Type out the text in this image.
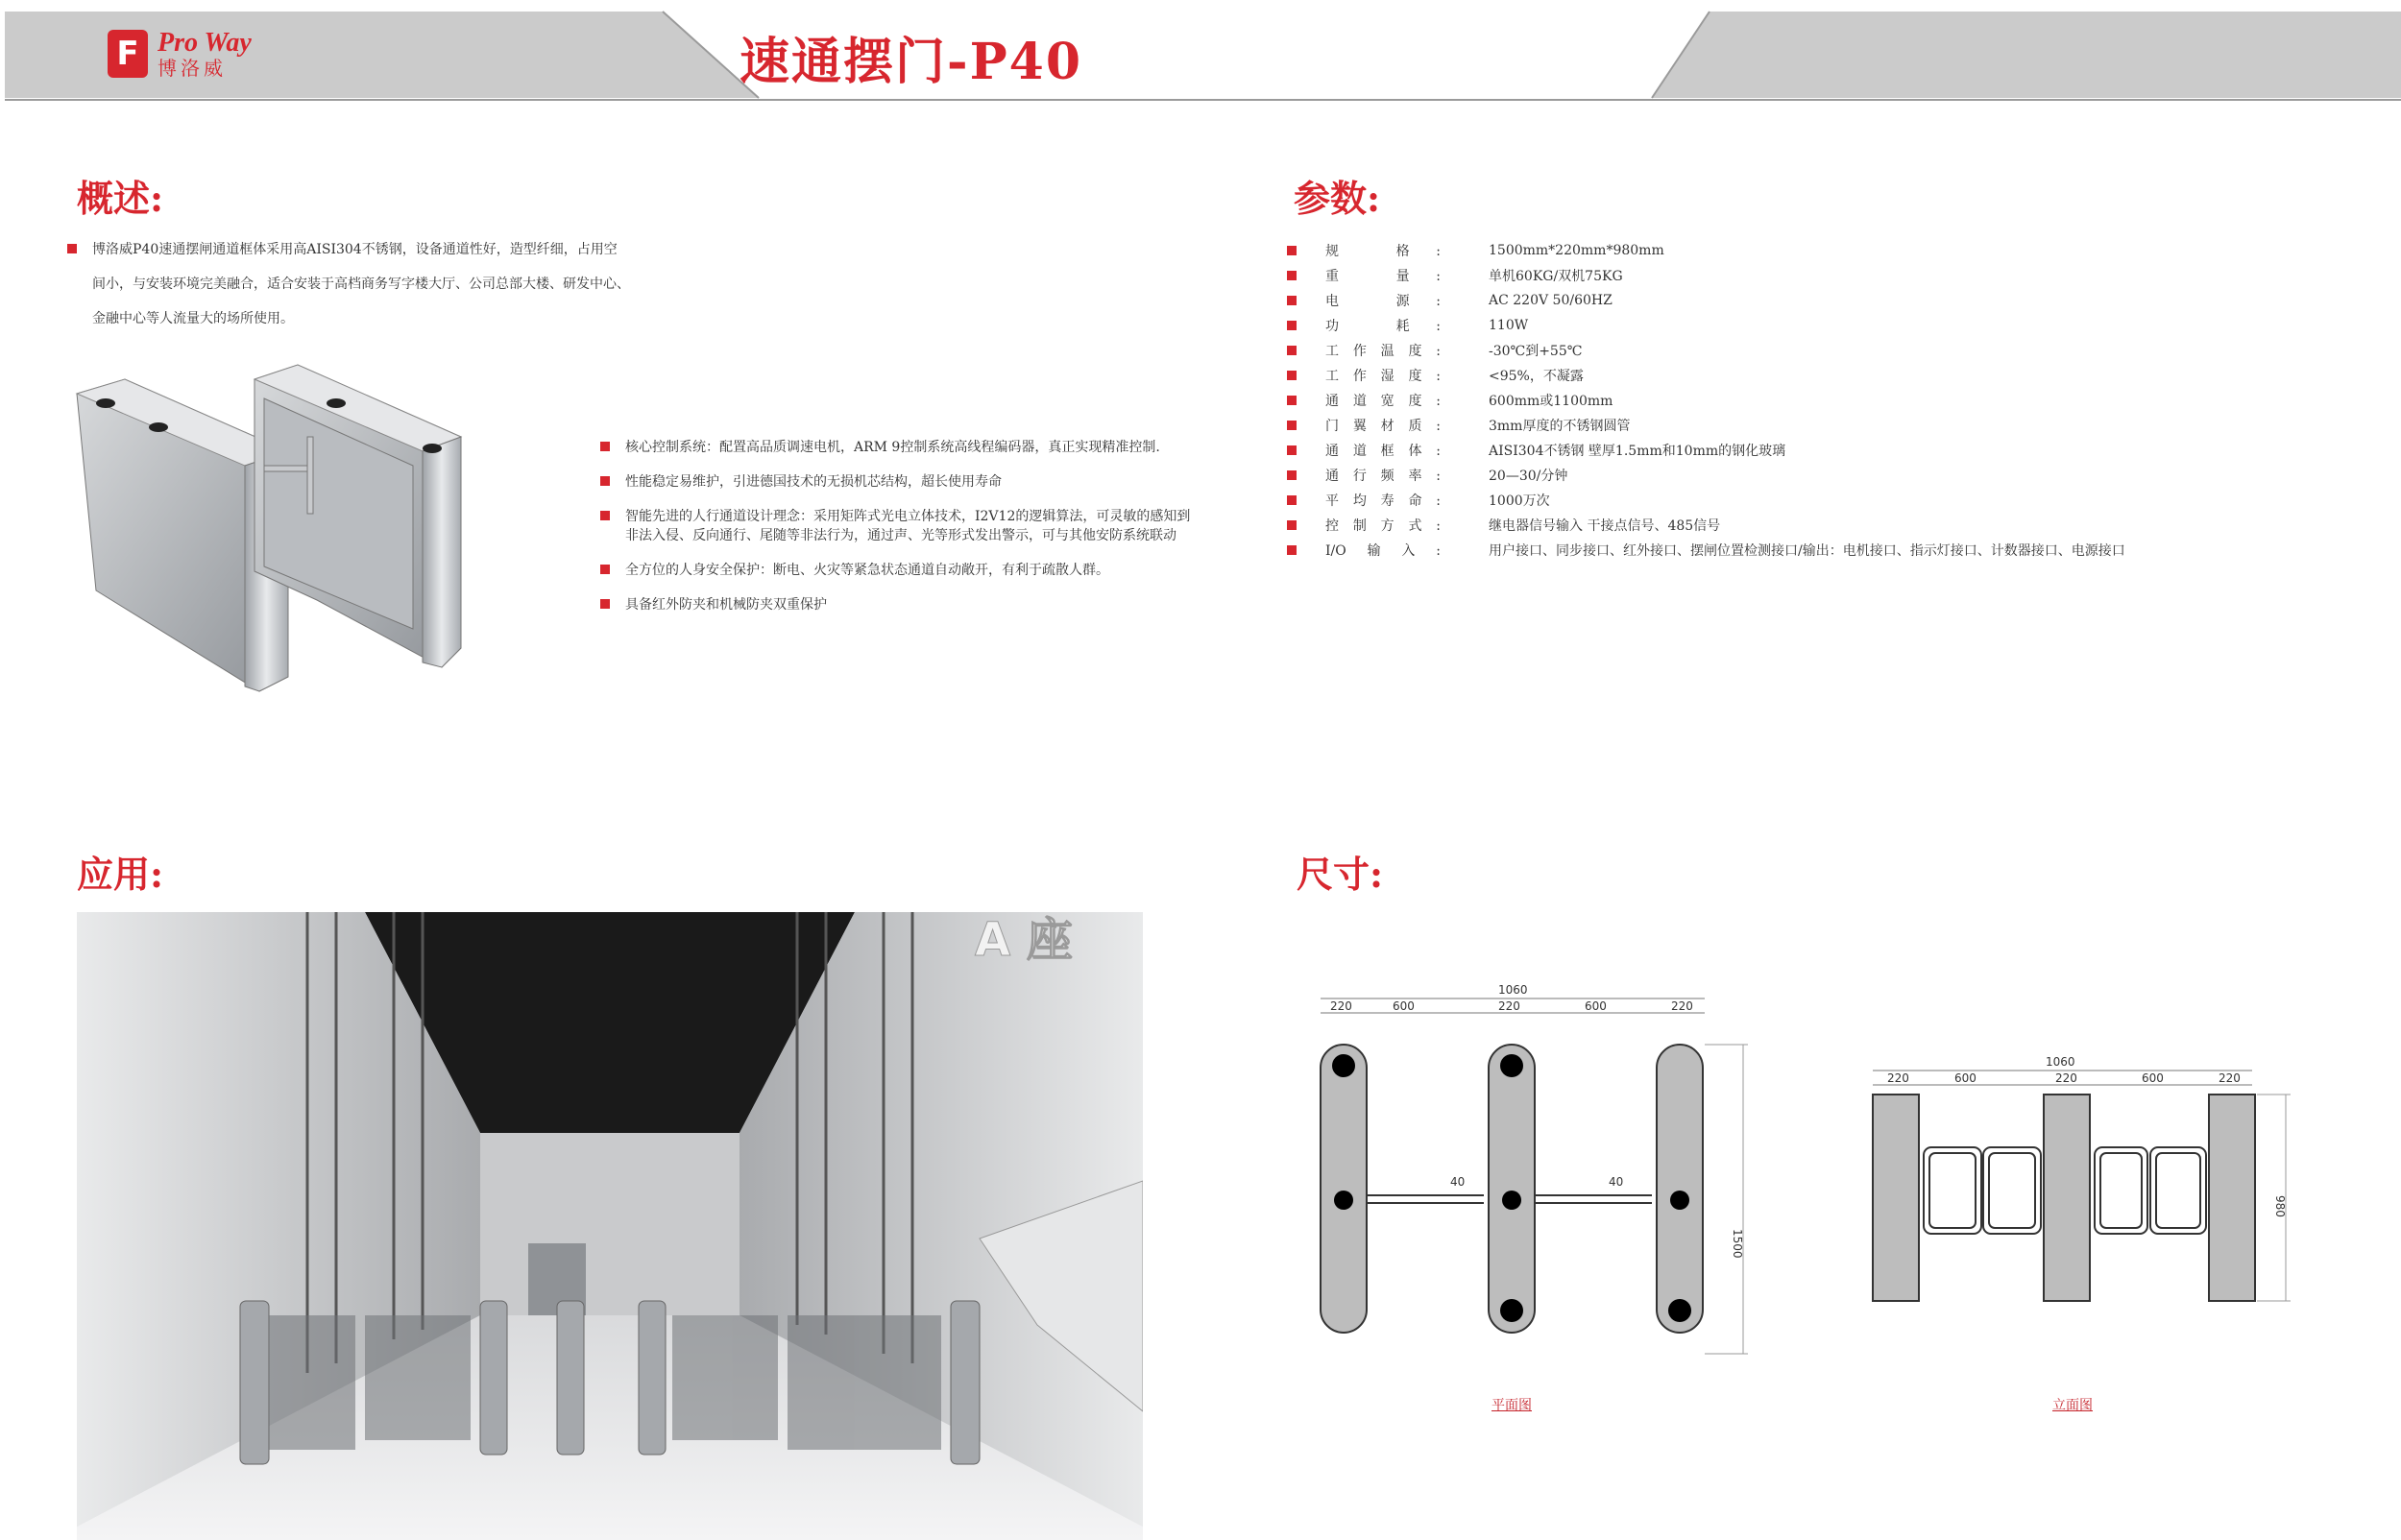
F Pro Way
博洛威	速通摆门-P40
概述:
博洛威P40速通摆闸通道框体采用高AISI304不锈钢，设备通道性好，造型纤细，占用空间小，与安装环境完美融合，适合安装于高档商务写字楼大厅、公司总部大楼、研发中心、金融中心等人流量大的场所使用。
核心控制系统：配置高品质调速电机，ARM 9控制系统高线程编码器，真正实现精准控制.
性能稳定易维护，引进德国技术的无损机芯结构，超长使用寿命
智能先进的人行通道设计理念：采用矩阵式光电立体技术，I2V12的逻辑算法，可灵敏的感知到非法入侵、反向通行、尾随等非法行为，通过声、光等形式发出警示，可与其他安防系统联动
全方位的人身安全保护：断电、火灾等紧急状态通道自动敞开，有利于疏散人群。
具备红外防夹和机械防夹双重保护
参数:
规 格:	1500mm*220mm*980mm
重 量:	单机60KG/双机75KG
电 源:	AC 220V 50/60HZ
功 耗:	110W
工作温度:	-30℃到+55℃
工作湿度:	<95%，不凝露
通道宽度:	600mm或1100mm
门翼材质:	3mm厚度的不锈钢圆管
通道框体:	AISI304不锈钢 壁厚1.5mm和10mm的钢化玻璃
通行频率:	20—30/分钟
平均寿命:	1000万次
控制方式:	继电器信号输入 干接点信号、485信号
I/O输入:	用户接口、同步接口、红外接口、摆闸位置检测接口/输出：电机接口、指示灯接口、计数器接口、电源接口
应用:
A 座
尺寸:
1060
220	600	220	600	220
40	40
1500
平面图
1060
220	600	220	600	220
980
立面图
